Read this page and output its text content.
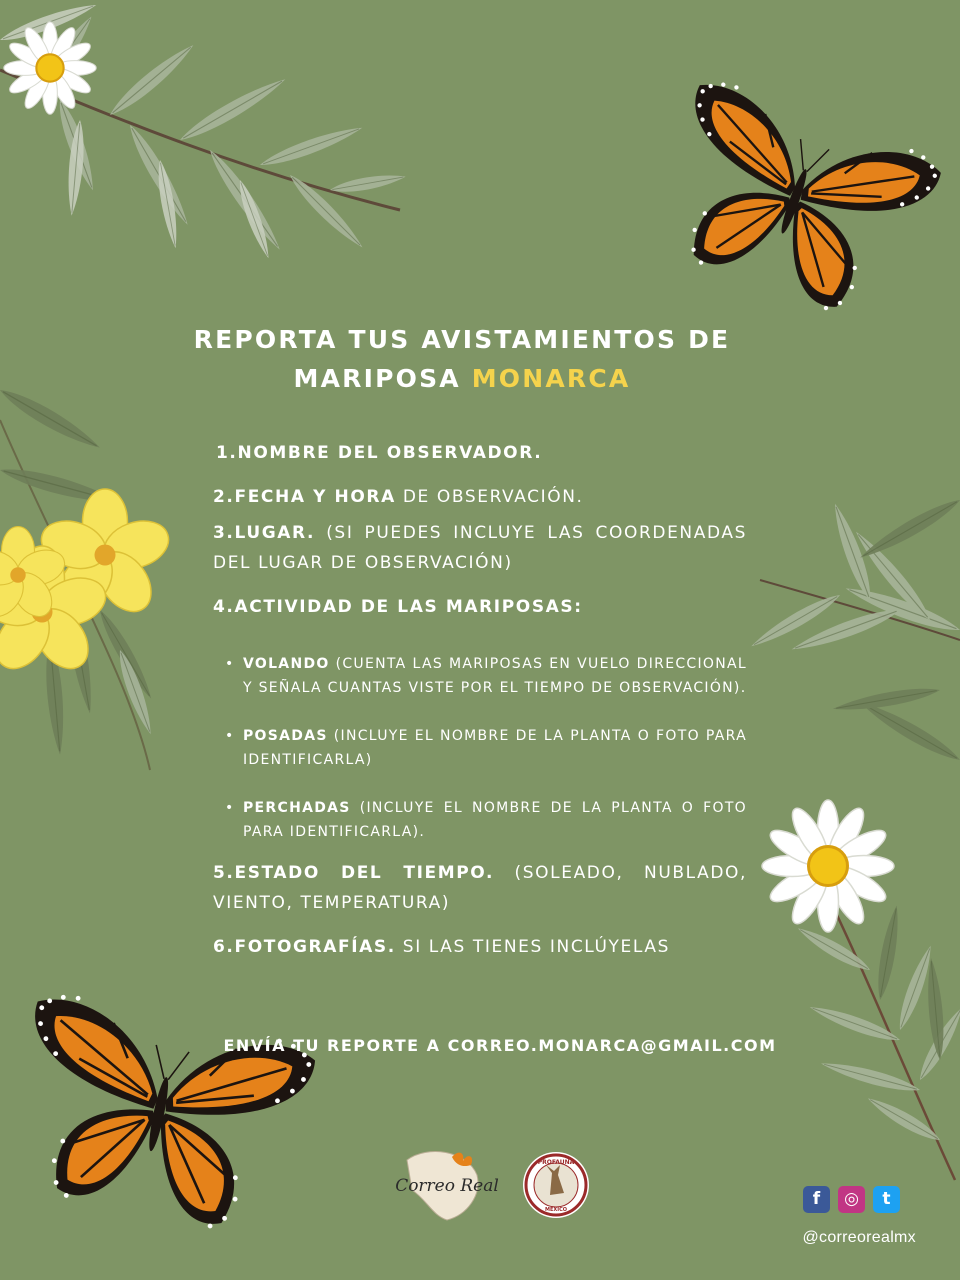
Correo Real
PROFAUNA
MÉXICO
REPORTA TUS AVISTAMIENTOS DE
MARIPOSA MONARCA

1.NOMBRE DEL OBSERVADOR.

2.FECHA Y HORA DE OBSERVACIÓN.

3.LUGAR. (SI PUEDES INCLUYE LAS COORDENADAS DEL LUGAR DE OBSERVACIÓN)

4.ACTIVIDAD DE LAS MARIPOSAS:

• VOLANDO (CUENTA LAS MARIPOSAS EN VUELO DIRECCIONAL Y SEÑALA CUANTAS VISTE POR EL TIEMPO DE OBSERVACIÓN).
• POSADAS (INCLUYE EL NOMBRE DE LA PLANTA O FOTO PARA IDENTIFICARLA)
• PERCHADAS (INCLUYE EL NOMBRE DE LA PLANTA O FOTO PARA IDENTIFICARLA).

5.ESTADO DEL TIEMPO. (SOLEADO, NUBLADO, VIENTO, TEMPERATURA)

6.FOTOGRAFÍAS. SI LAS TIENES INCLÚYELAS

ENVÍA TU REPORTE A CORREO.MONARCA@GMAIL.COM
f	◎	t
@correorealmx
